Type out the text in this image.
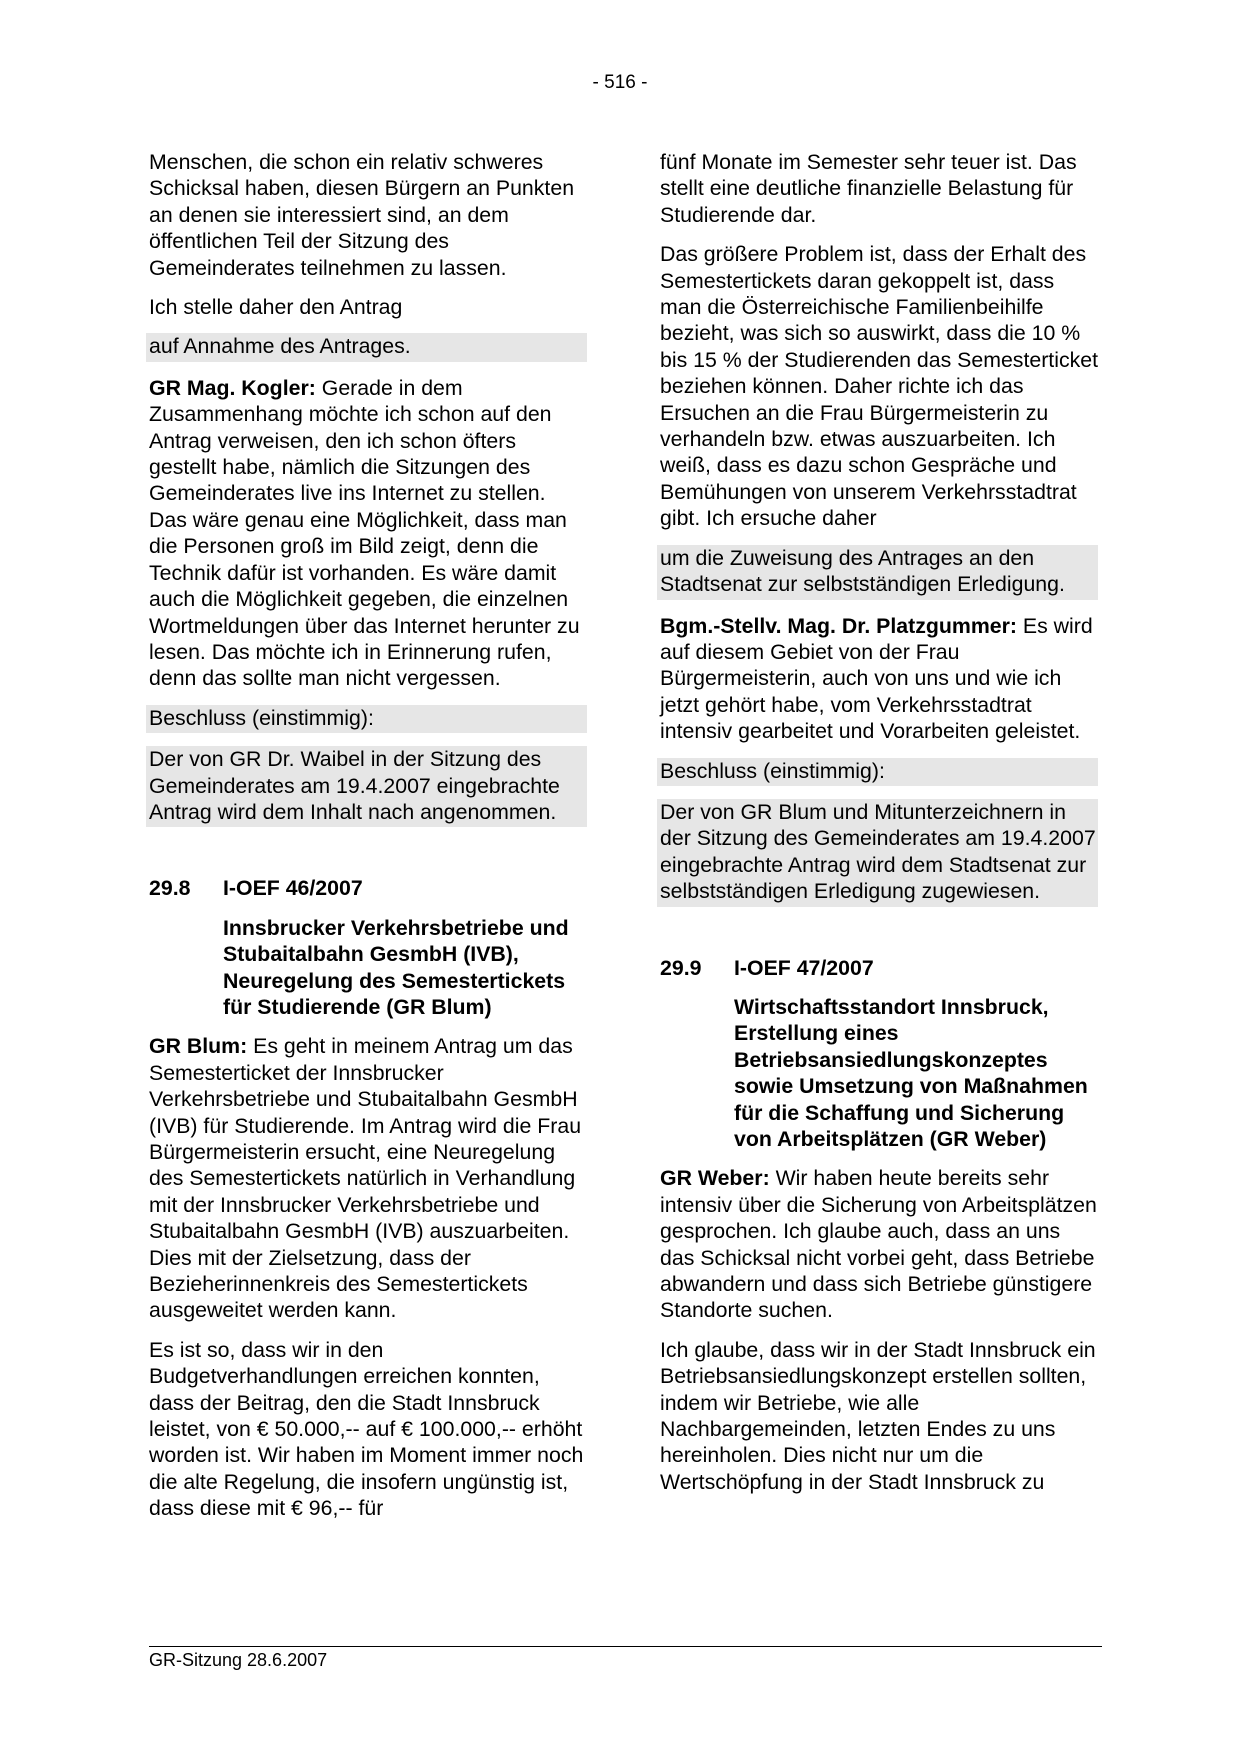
- 516 -

Menschen, die schon ein relativ schweres Schicksal haben, diesen Bürgern an Punkten an denen sie interessiert sind, an dem öffentlichen Teil der Sitzung des Gemeinderates teilnehmen zu lassen.

Ich stelle daher den Antrag

auf Annahme des Antrages.

GR Mag. Kogler: Gerade in dem Zusammenhang möchte ich schon auf den Antrag verweisen, den ich schon öfters gestellt habe, nämlich die Sitzungen des Gemeinderates live ins Internet zu stellen. Das wäre genau eine Möglichkeit, dass man die Personen groß im Bild zeigt, denn die Technik dafür ist vorhanden. Es wäre damit auch die Möglichkeit gegeben, die einzelnen Wortmeldungen über das Internet herunter zu lesen. Das möchte ich in Erinnerung rufen, denn das sollte man nicht vergessen.

Beschluss (einstimmig):

Der von GR Dr. Waibel in der Sitzung des Gemeinderates am 19.4.2007 eingebrachte Antrag wird dem Inhalt nach angenommen.

29.8	I-OEF 46/2007
Innsbrucker Verkehrsbetriebe und Stubaitalbahn GesmbH (IVB), Neuregelung des Semestertickets für Studierende (GR Blum)

GR Blum: Es geht in meinem Antrag um das Semesterticket der Innsbrucker Verkehrsbetriebe und Stubaitalbahn GesmbH (IVB) für Studierende. Im Antrag wird die Frau Bürgermeisterin ersucht, eine Neuregelung des Semestertickets natürlich in Verhandlung mit der Innsbrucker Verkehrsbetriebe und Stubaitalbahn GesmbH (IVB) auszuarbeiten. Dies mit der Zielsetzung, dass der Bezieherinnenkreis des Semestertickets ausgeweitet werden kann.

Es ist so, dass wir in den Budgetverhandlungen erreichen konnten, dass der Beitrag, den die Stadt Innsbruck leistet, von € 50.000,-- auf € 100.000,-- erhöht worden ist. Wir haben im Moment immer noch die alte Regelung, die insofern ungünstig ist, dass diese mit € 96,-- für

fünf Monate im Semester sehr teuer ist. Das stellt eine deutliche finanzielle Belastung für Studierende dar.

Das größere Problem ist, dass der Erhalt des Semestertickets daran gekoppelt ist, dass man die Österreichische Familienbeihilfe bezieht, was sich so auswirkt, dass die 10 % bis 15 % der Studierenden das Semesterticket beziehen können. Daher richte ich das Ersuchen an die Frau Bürgermeisterin zu verhandeln bzw. etwas auszuarbeiten. Ich weiß, dass es dazu schon Gespräche und Bemühungen von unserem Verkehrsstadtrat gibt. Ich ersuche daher

um die Zuweisung des Antrages an den Stadtsenat zur selbstständigen Erledigung.

Bgm.-Stellv. Mag. Dr. Platzgummer: Es wird auf diesem Gebiet von der Frau Bürgermeisterin, auch von uns und wie ich jetzt gehört habe, vom Verkehrsstadtrat intensiv gearbeitet und Vorarbeiten geleistet.

Beschluss (einstimmig):

Der von GR Blum und Mitunterzeichnern in der Sitzung des Gemeinderates am 19.4.2007 eingebrachte Antrag wird dem Stadtsenat zur selbstständigen Erledigung zugewiesen.

29.9	I-OEF 47/2007
Wirtschaftsstandort Innsbruck, Erstellung eines Betriebsansiedlungskonzeptes sowie Umsetzung von Maßnahmen für die Schaffung und Sicherung von Arbeitsplätzen (GR Weber)

GR Weber: Wir haben heute bereits sehr intensiv über die Sicherung von Arbeitsplätzen gesprochen. Ich glaube auch, dass an uns das Schicksal nicht vorbei geht, dass Betriebe abwandern und dass sich Betriebe günstigere Standorte suchen.

Ich glaube, dass wir in der Stadt Innsbruck ein Betriebsansiedlungskonzept erstellen sollten, indem wir Betriebe, wie alle Nachbargemeinden, letzten Endes zu uns hereinholen. Dies nicht nur um die Wertschöpfung in der Stadt Innsbruck zu

GR-Sitzung 28.6.2007
